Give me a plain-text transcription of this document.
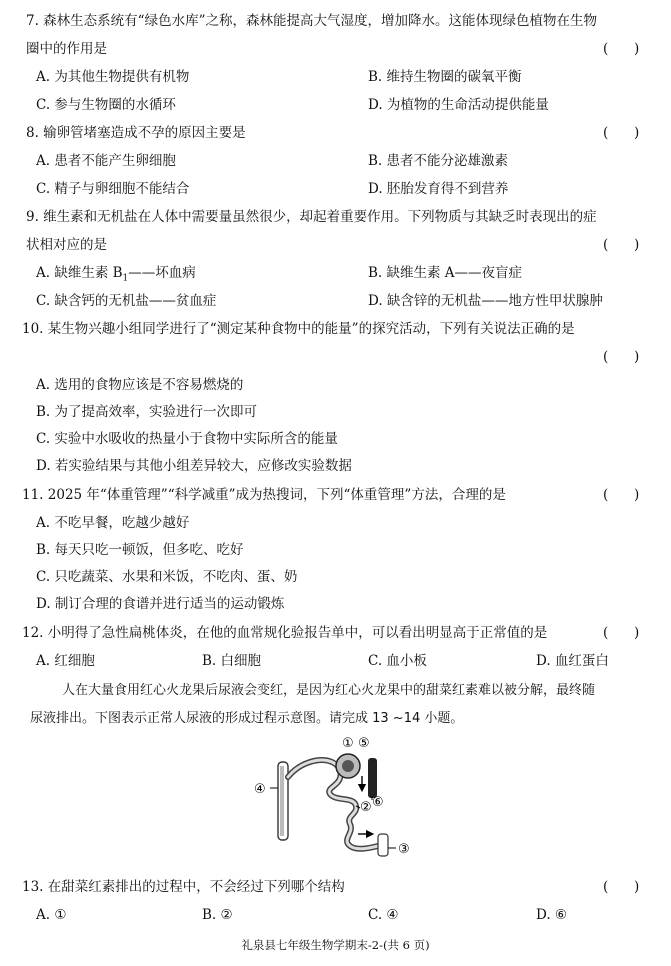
7. 森林生态系统有“绿色水库”之称，森林能提高大气湿度，增加降水。这能体现绿色植物在生物
圈中的作用是	(      )
A. 为其他生物提供有机物	B. 维持生物圈的碳氧平衡
C. 参与生物圈的水循环	D. 为植物的生命活动提供能量
8. 输卵管堵塞造成不孕的原因主要是	(      )
A. 患者不能产生卵细胞	B. 患者不能分泌雄激素
C. 精子与卵细胞不能结合	D. 胚胎发育得不到营养
9. 维生素和无机盐在人体中需要量虽然很少，却起着重要作用。下列物质与其缺乏时表现出的症
状相对应的是	(      )
A. 缺维生素 $B_1——$坏血病	B. 缺维生素 A——夜盲症
C. 缺含钙的无机盐——贫血症	D. 缺含锌的无机盐——地方性甲状腺肿
10. 某生物兴趣小组同学进行了“测定某种食物中的能量”的探究活动，下列有关说法正确的是
(      )
A. 选用的食物应该是不容易燃烧的
B. 为了提高效率，实验进行一次即可
C. 实验中水吸收的热量小于食物中实际所含的能量
D. 若实验结果与其他小组差异较大，应修改实验数据
11. 2025 年“体重管理”“科学减重”成为热搜词，下列“体重管理”方法，合理的是	(      )
A. 不吃早餐，吃越少越好
B. 每天只吃一顿饭，但多吃、吃好
C. 只吃蔬菜、水果和米饭，不吃肉、蛋、奶
D. 制订合理的食谱并进行适当的运动锻炼
12. 小明得了急性扁桃体炎，在他的血常规化验报告单中，可以看出明显高于正常值的是	(      )
A. 红细胞	B. 白细胞	C. 血小板	D. 血红蛋白
人在大量食用红心火龙果后尿液会变红，是因为红心火龙果中的甜菜红素难以被分解，最终随
尿液排出。下图表示正常人尿液的形成过程示意图。请完成 13 ~14 小题。
①
②
③
④
⑤
⑥
13. 在甜菜红素排出的过程中，不会经过下列哪个结构	(      )
A. ①	B. ②	C. ④	D. ⑥
礼泉县七年级生物学期末-2-(共 6 页)
